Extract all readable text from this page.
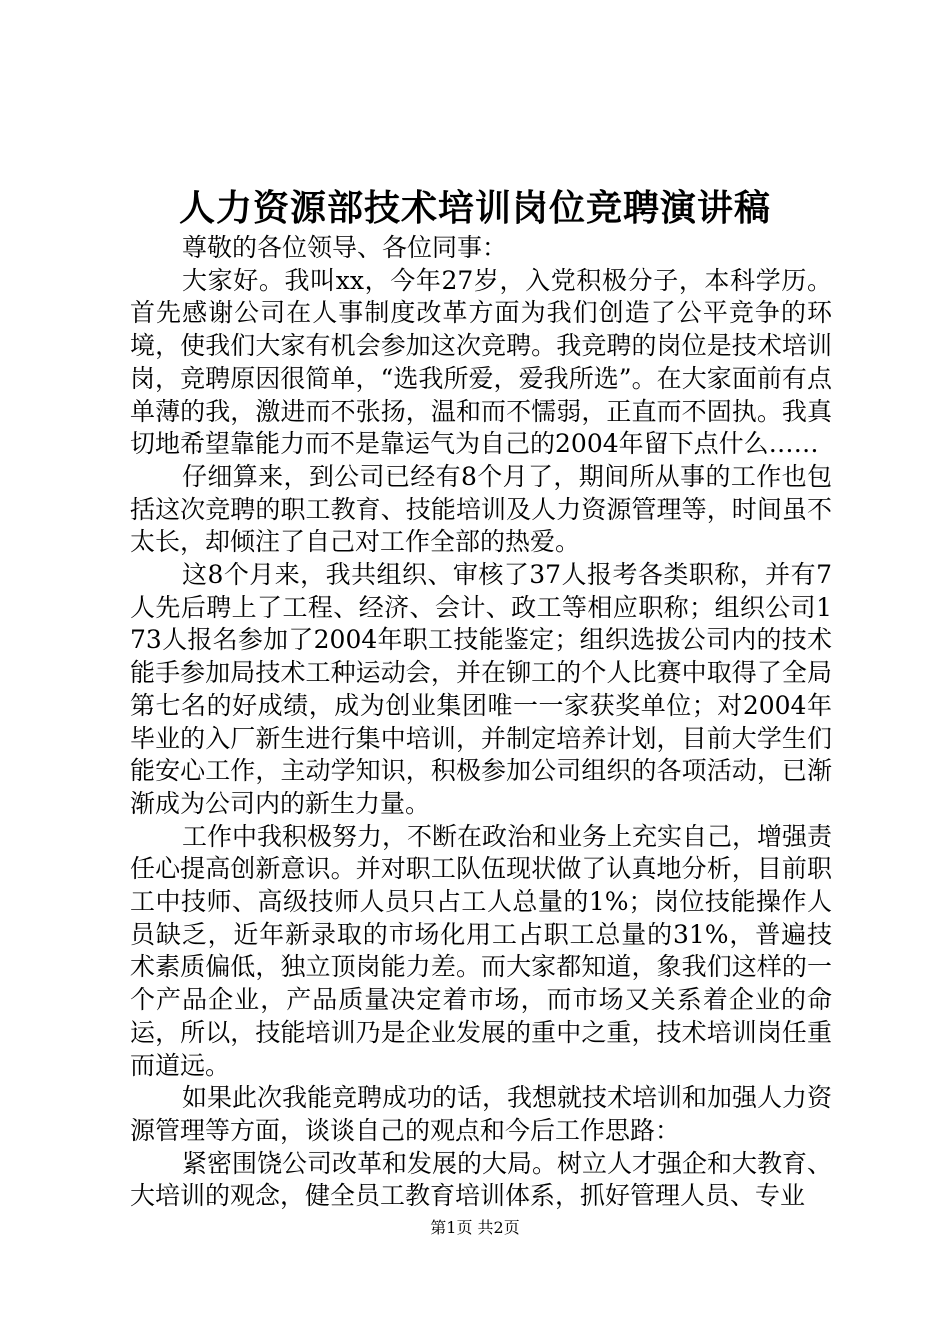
人力资源部技术培训岗位竞聘演讲稿

尊敬的各位领导、各位同事：

大家好。我叫xx，今年27岁，入党积极分子，本科学历。首先感谢公司在人事制度改革方面为我们创造了公平竞争的环境，使我们大家有机会参加这次竞聘。我竞聘的岗位是技术培训岗，竞聘原因很简单，“选我所爱，爱我所选”。在大家面前有点单薄的我，激进而不张扬，温和而不懦弱，正直而不固执。我真切地希望靠能力而不是靠运气为自己的2004年留下点什么……

仔细算来，到公司已经有8个月了，期间所从事的工作也包括这次竞聘的职工教育、技能培训及人力资源管理等，时间虽不太长，却倾注了自己对工作全部的热爱。

这8个月来，我共组织、审核了37人报考各类职称，并有7人先后聘上了工程、经济、会计、政工等相应职称；组织公司173人报名参加了2004年职工技能鉴定；组织选拔公司内的技术能手参加局技术工种运动会，并在铆工的个人比赛中取得了全局第七名的好成绩，成为创业集团唯一一家获奖单位；对2004年毕业的入厂新生进行集中培训，并制定培养计划，目前大学生们能安心工作，主动学知识，积极参加公司组织的各项活动，已渐渐成为公司内的新生力量。

工作中我积极努力，不断在政治和业务上充实自己，增强责任心提高创新意识。并对职工队伍现状做了认真地分析，目前职工中技师、高级技师人员只占工人总量的1%；岗位技能操作人员缺乏，近年新录取的市场化用工占职工总量的31%，普遍技术素质偏低，独立顶岗能力差。而大家都知道，象我们这样的一个产品企业，产品质量决定着市场，而市场又关系着企业的命运，所以，技能培训乃是企业发展的重中之重，技术培训岗任重而道远。

如果此次我能竞聘成功的话，我想就技术培训和加强人力资源管理等方面，谈谈自己的观点和今后工作思路：

紧密围饶公司改革和发展的大局。树立人才强企和大教育、大培训的观念，健全员工教育培训体系，抓好管理人员、专业

第1页 共2页
